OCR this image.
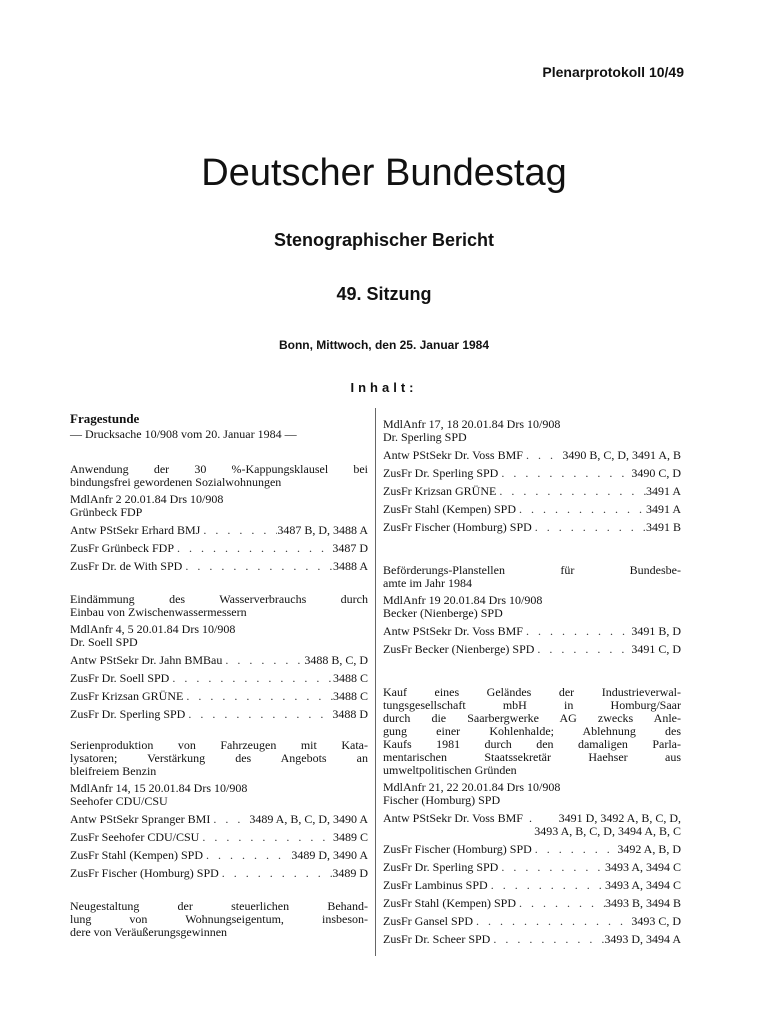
Plenarprotokoll 10/49
Deutscher Bundestag
Stenographischer Bericht
49. Sitzung
Bonn, Mittwoch, den 25. Januar 1984
Inhalt:
Fragestunde
— Drucksache 10/908 vom 20. Januar 1984 —
Anwendung der 30 %-Kappungsklausel bei
bindungsfrei gewordenen Sozialwohnungen
MdlAnfr 2 20.01.84 Drs 10/908
Grünbeck FDP
Antw PStSekr Erhard BMJ . . .	3487 B, D, 3488 A
ZusFr Grünbeck FDP . . .	3487 D
ZusFr Dr. de With SPD . . .	3488 A
Eindämmung des Wasserverbrauchs durch
Einbau von Zwischenwassermessern
MdlAnfr 4, 5 20.01.84 Drs 10/908
Dr. Soell SPD
Antw PStSekr Dr. Jahn BMBau . . .	3488 B, C, D
ZusFr Dr. Soell SPD . . .	3488 C
ZusFr Krizsan GRÜNE . . .	3488 C
ZusFr Dr. Sperling SPD . . .	3488 D
Serienproduktion von Fahrzeugen mit Kata-
lysatoren; Verstärkung des Angebots an
bleifreiem Benzin
MdlAnfr 14, 15 20.01.84 Drs 10/908
Seehofer CDU/CSU
Antw PStSekr Spranger BMI . . .	3489 A, B, C, D, 3490 A
ZusFr Seehofer CDU/CSU . . .	3489 C
ZusFr Stahl (Kempen) SPD . . .	3489 D, 3490 A
ZusFr Fischer (Homburg) SPD . . .	3489 D
Neugestaltung der steuerlichen Behand-
lung von Wohnungseigentum, insbeson-
dere von Veräußerungsgewinnen
MdlAnfr 17, 18 20.01.84 Drs 10/908
Dr. Sperling SPD
Antw PStSekr Dr. Voss BMF . . .	3490 B, C, D, 3491 A, B
ZusFr Dr. Sperling SPD . . .	3490 C, D
ZusFr Krizsan GRÜNE . . .	3491 A
ZusFr Stahl (Kempen) SPD . . .	3491 A
ZusFr Fischer (Homburg) SPD . . .	3491 B
Beförderungs-Planstellen für Bundesbe-
amte im Jahr 1984
MdlAnfr 19 20.01.84 Drs 10/908
Becker (Nienberge) SPD
Antw PStSekr Dr. Voss BMF . . .	3491 B, D
ZusFr Becker (Nienberge) SPD . . .	3491 C, D
Kauf eines Geländes der Industrieverwal-
tungsgesellschaft mbH in Homburg/Saar
durch die Saarbergwerke AG zwecks Anle-
gung einer Kohlenhalde; Ablehnung des
Kaufs 1981 durch den damaligen Parla-
mentarischen Staatssekretär Haehser aus
umweltpolitischen Gründen
MdlAnfr 21, 22 20.01.84 Drs 10/908
Fischer (Homburg) SPD
Antw PStSekr Dr. Voss BMF .	3491 D, 3492 A, B, C, D,
3493 A, B, C, D, 3494 A, B, C
ZusFr Fischer (Homburg) SPD . . .	3492 A, B, D
ZusFr Dr. Sperling SPD . . .	3493 A, 3494 C
ZusFr Lambinus SPD . . .	3493 A, 3494 C
ZusFr Stahl (Kempen) SPD . . .	3493 B, 3494 B
ZusFr Gansel SPD . . .	3493 C, D
ZusFr Dr. Scheer SPD . . .	3493 D, 3494 A
